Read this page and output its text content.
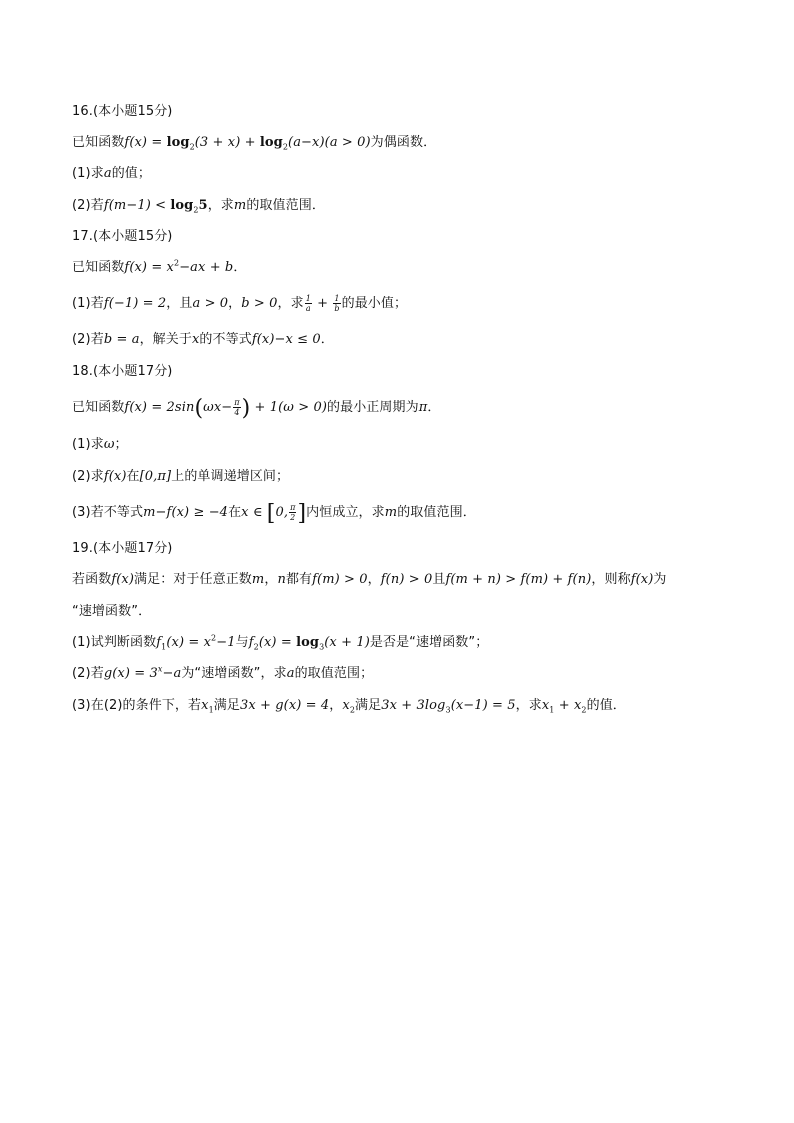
16.(本小题15分)
已知函数$f(x) = \log_2(3 + x) + \log_2(a-x)(a > 0)$为偶函数．
(1)求a的值；
(2)若$f(m-1) < \log_25$，求m的取值范围．
17.(本小题15分)
已知函数$f(x) = x^2-ax + b$．
(1)若f(−1) = 2，且a > 0，b > 0，求 $\frac{1}{a} + \frac{1}{b}$ 的最小值；
(2)若b = a，解关于x的不等式f(x)−x ≤ 0．
18.(本小题17分)
已知函数$f(x) = 2\sin(\omega x- \frac{\pi}{4}$ ) + 1(ω > 0)的最小正周期为π．
(1)求ω；
(2)求f(x)在[0,π]上的单调递增区间；
(3)若不等式m−f(x) ≥ −4在x ∈ [0, $\frac{\pi}{2}$ ]内恒成立，求m的取值范围．
19.(本小题17分)
若函数f(x)满足：对于任意正数m，n都有f(m) > 0，f(n) > 0且f(m + n) > f(m) + f(n)，则称f(x)为
“速增函数”．
(1)试判断函数$f_1(x) = x^2-1$与$f_2(x) = \log_3(x + 1)$是否是“速增函数”；
(2)若$g(x) = 3^x-a$为“速增函数”，求a的取值范围；
(3)在(2)的条件下，若$x_1$满足3x + g(x) = 4，$x_2$满足$3x + 3\log_3(x-1) = 5$，求$x_1 + x_2$的值．
